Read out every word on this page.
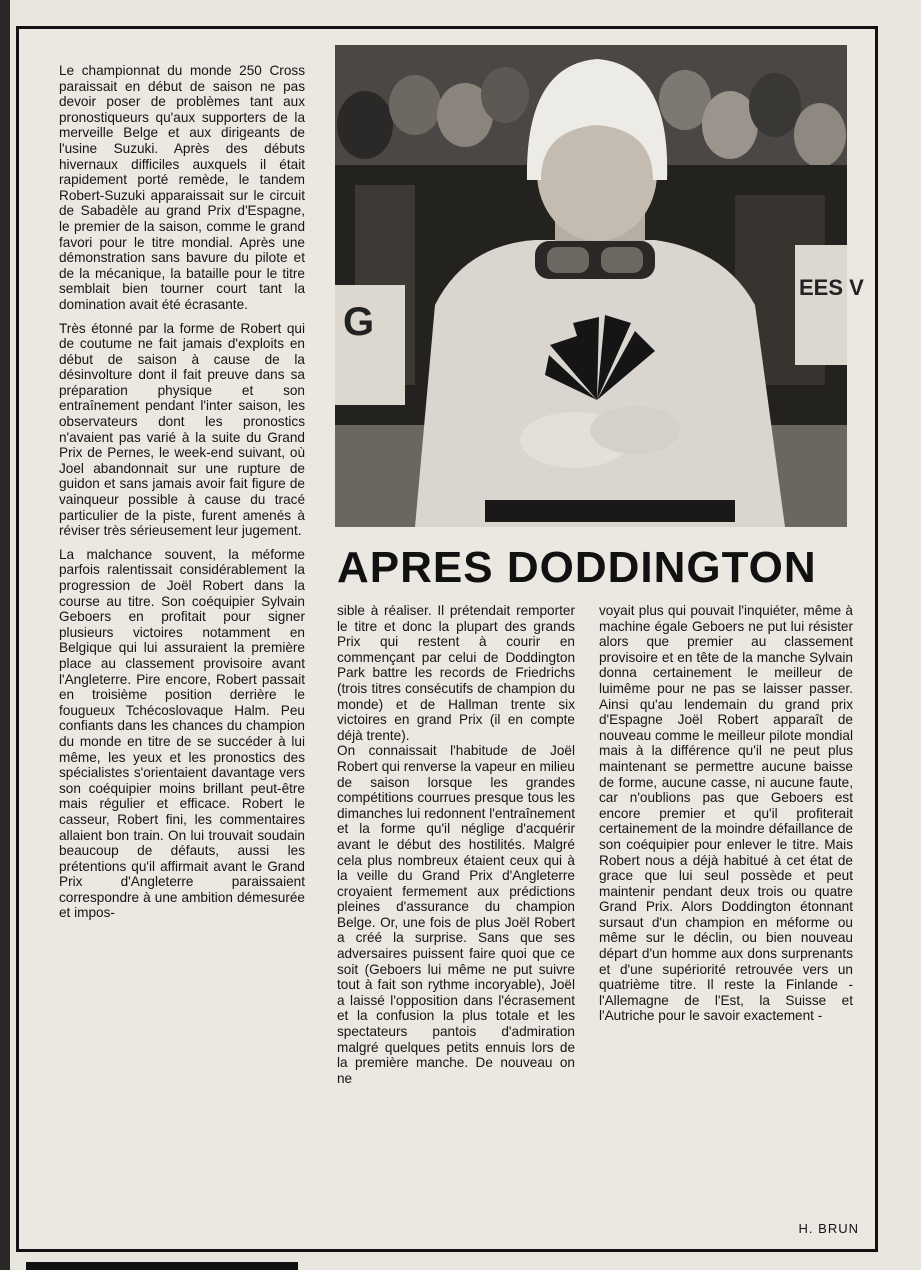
Le championnat du monde 250 Cross paraissait en début de saison ne pas devoir poser de problèmes tant aux pronostiqueurs qu'aux supporters de la merveille Belge et aux dirigeants de l'usine Suzuki. Après des débuts hivernaux difficiles auxquels il était rapidement porté remède, le tandem Robert-Suzuki apparaissait sur le circuit de Sabadèle au grand Prix d'Espagne, le premier de la saison, comme le grand favori pour le titre mondial. Après une démonstration sans bavure du pilote et de la mécanique, la bataille pour le titre semblait bien tourner court tant la domination avait été écrasante.

Très étonné par la forme de Robert qui de coutume ne fait jamais d'exploits en début de saison à cause de la désinvolture dont il fait preuve dans sa préparation physique et son entraînement pendant l'inter saison, les observateurs dont les pronostics n'avaient pas varié à la suite du Grand Prix de Pernes, le week-end suivant, où Joel abandonnait sur une rupture de guidon et sans jamais avoir fait figure de vainqueur possible à cause du tracé particulier de la piste, furent amenés à réviser très sérieusement leur jugement.

La malchance souvent, la méforme parfois ralentissait considérablement la progression de Joël Robert dans la course au titre. Son coéquipier Sylvain Geboers en profitait pour signer plusieurs victoires notamment en Belgique qui lui assuraient la première place au classement provisoire avant l'Angleterre. Pire encore, Robert passait en troisième position derrière le fougueux Tchécoslovaque Halm. Peu confiants dans les chances du champion du monde en titre de se succéder à lui même, les yeux et les pronostics des spécialistes s'orientaient davantage vers son coéquipier moins brillant peut-être mais régulier et efficace. Robert le casseur, Robert fini, les commentaires allaient bon train. On lui trouvait soudain beaucoup de défauts, aussi les prétentions qu'il affirmait avant le Grand Prix d'Angleterre paraissaient correspondre à une ambition démesurée et impos-

G
EES V
APRES DODDINGTON

sible à réaliser. Il prétendait remporter le titre et donc la plupart des grands Prix qui restent à courir en commençant par celui de Doddington Park battre les records de Friedrichs (trois titres consécutifs de champion du monde) et de Hallman trente six victoires en grand Prix (il en compte déjà trente).

On connaissait l'habitude de Joël Robert qui renverse la vapeur en milieu de saison lorsque les grandes compétitions courrues presque tous les dimanches lui redonnent l'entraînement et la forme qu'il néglige d'acquérir avant le début des hostilités. Malgré cela plus nombreux étaient ceux qui à la veille du Grand Prix d'Angleterre croyaient fermement aux prédictions pleines d'assurance du champion Belge. Or, une fois de plus Joël Robert a créé la surprise. Sans que ses adversaires puissent faire quoi que ce soit (Geboers lui même ne put suivre tout à fait son rythme incoryable), Joël a laissé l'opposition dans l'écrasement et la confusion la plus totale et les spectateurs pantois d'admiration malgré quelques petits ennuis lors de la première manche. De nouveau on ne

voyait plus qui pouvait l'inquiéter, même à machine égale Geboers ne put lui résister alors que premier au classement provisoire et en tête de la manche Sylvain donna certainement le meilleur de luimême pour ne pas se laisser passer. Ainsi qu'au lendemain du grand prix d'Espagne Joël Robert apparaît de nouveau comme le meilleur pilote mondial mais à la différence qu'il ne peut plus maintenant se permettre aucune baisse de forme, aucune casse, ni aucune faute, car n'oublions pas que Geboers est encore premier et qu'il profiterait certainement de la moindre défaillance de son coéquipier pour enlever le titre. Mais Robert nous a déjà habitué à cet état de grace que lui seul possède et peut maintenir pendant deux trois ou quatre Grand Prix. Alors Doddington étonnant sursaut d'un champion en méforme ou même sur le déclin, ou bien nouveau départ d'un homme aux dons surprenants et d'une supériorité retrouvée vers un quatrième titre. Il reste la Finlande - l'Allemagne de l'Est, la Suisse et l'Autriche pour le savoir exactement -

H. BRUN
